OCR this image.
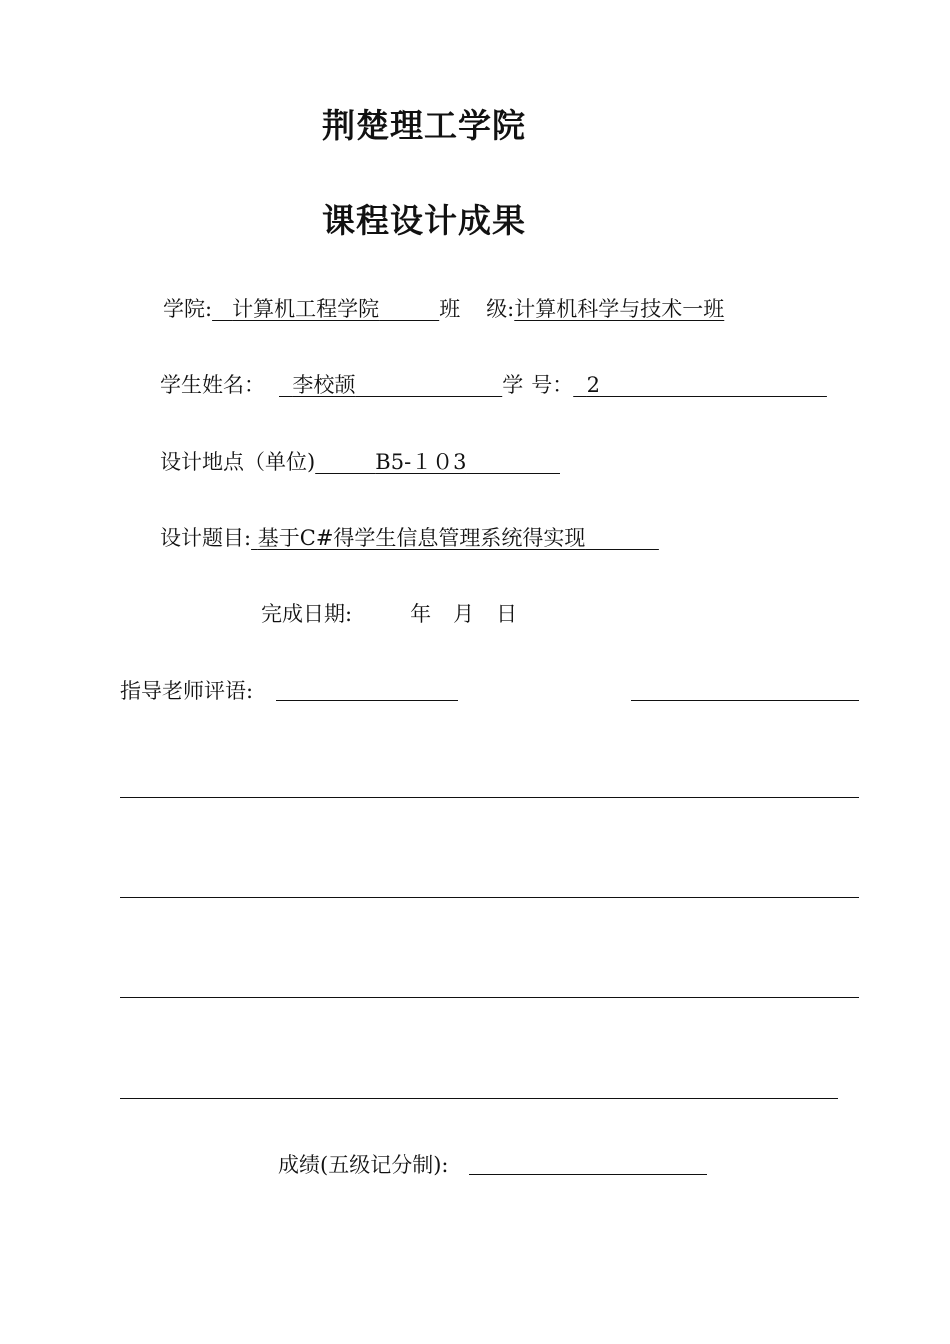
荆楚理工学院
课程设计成果
学院: 计算机工程学院	班 级:计算机科学与技术一班
学生姓名： 李校颉	学 号： 2
设计地点（单位)	B5-１０3
设计题目: 基于C#得学生信息管理系统得实现
完成日期:	年 月 日
指导老师评语:
成绩(五级记分制):
